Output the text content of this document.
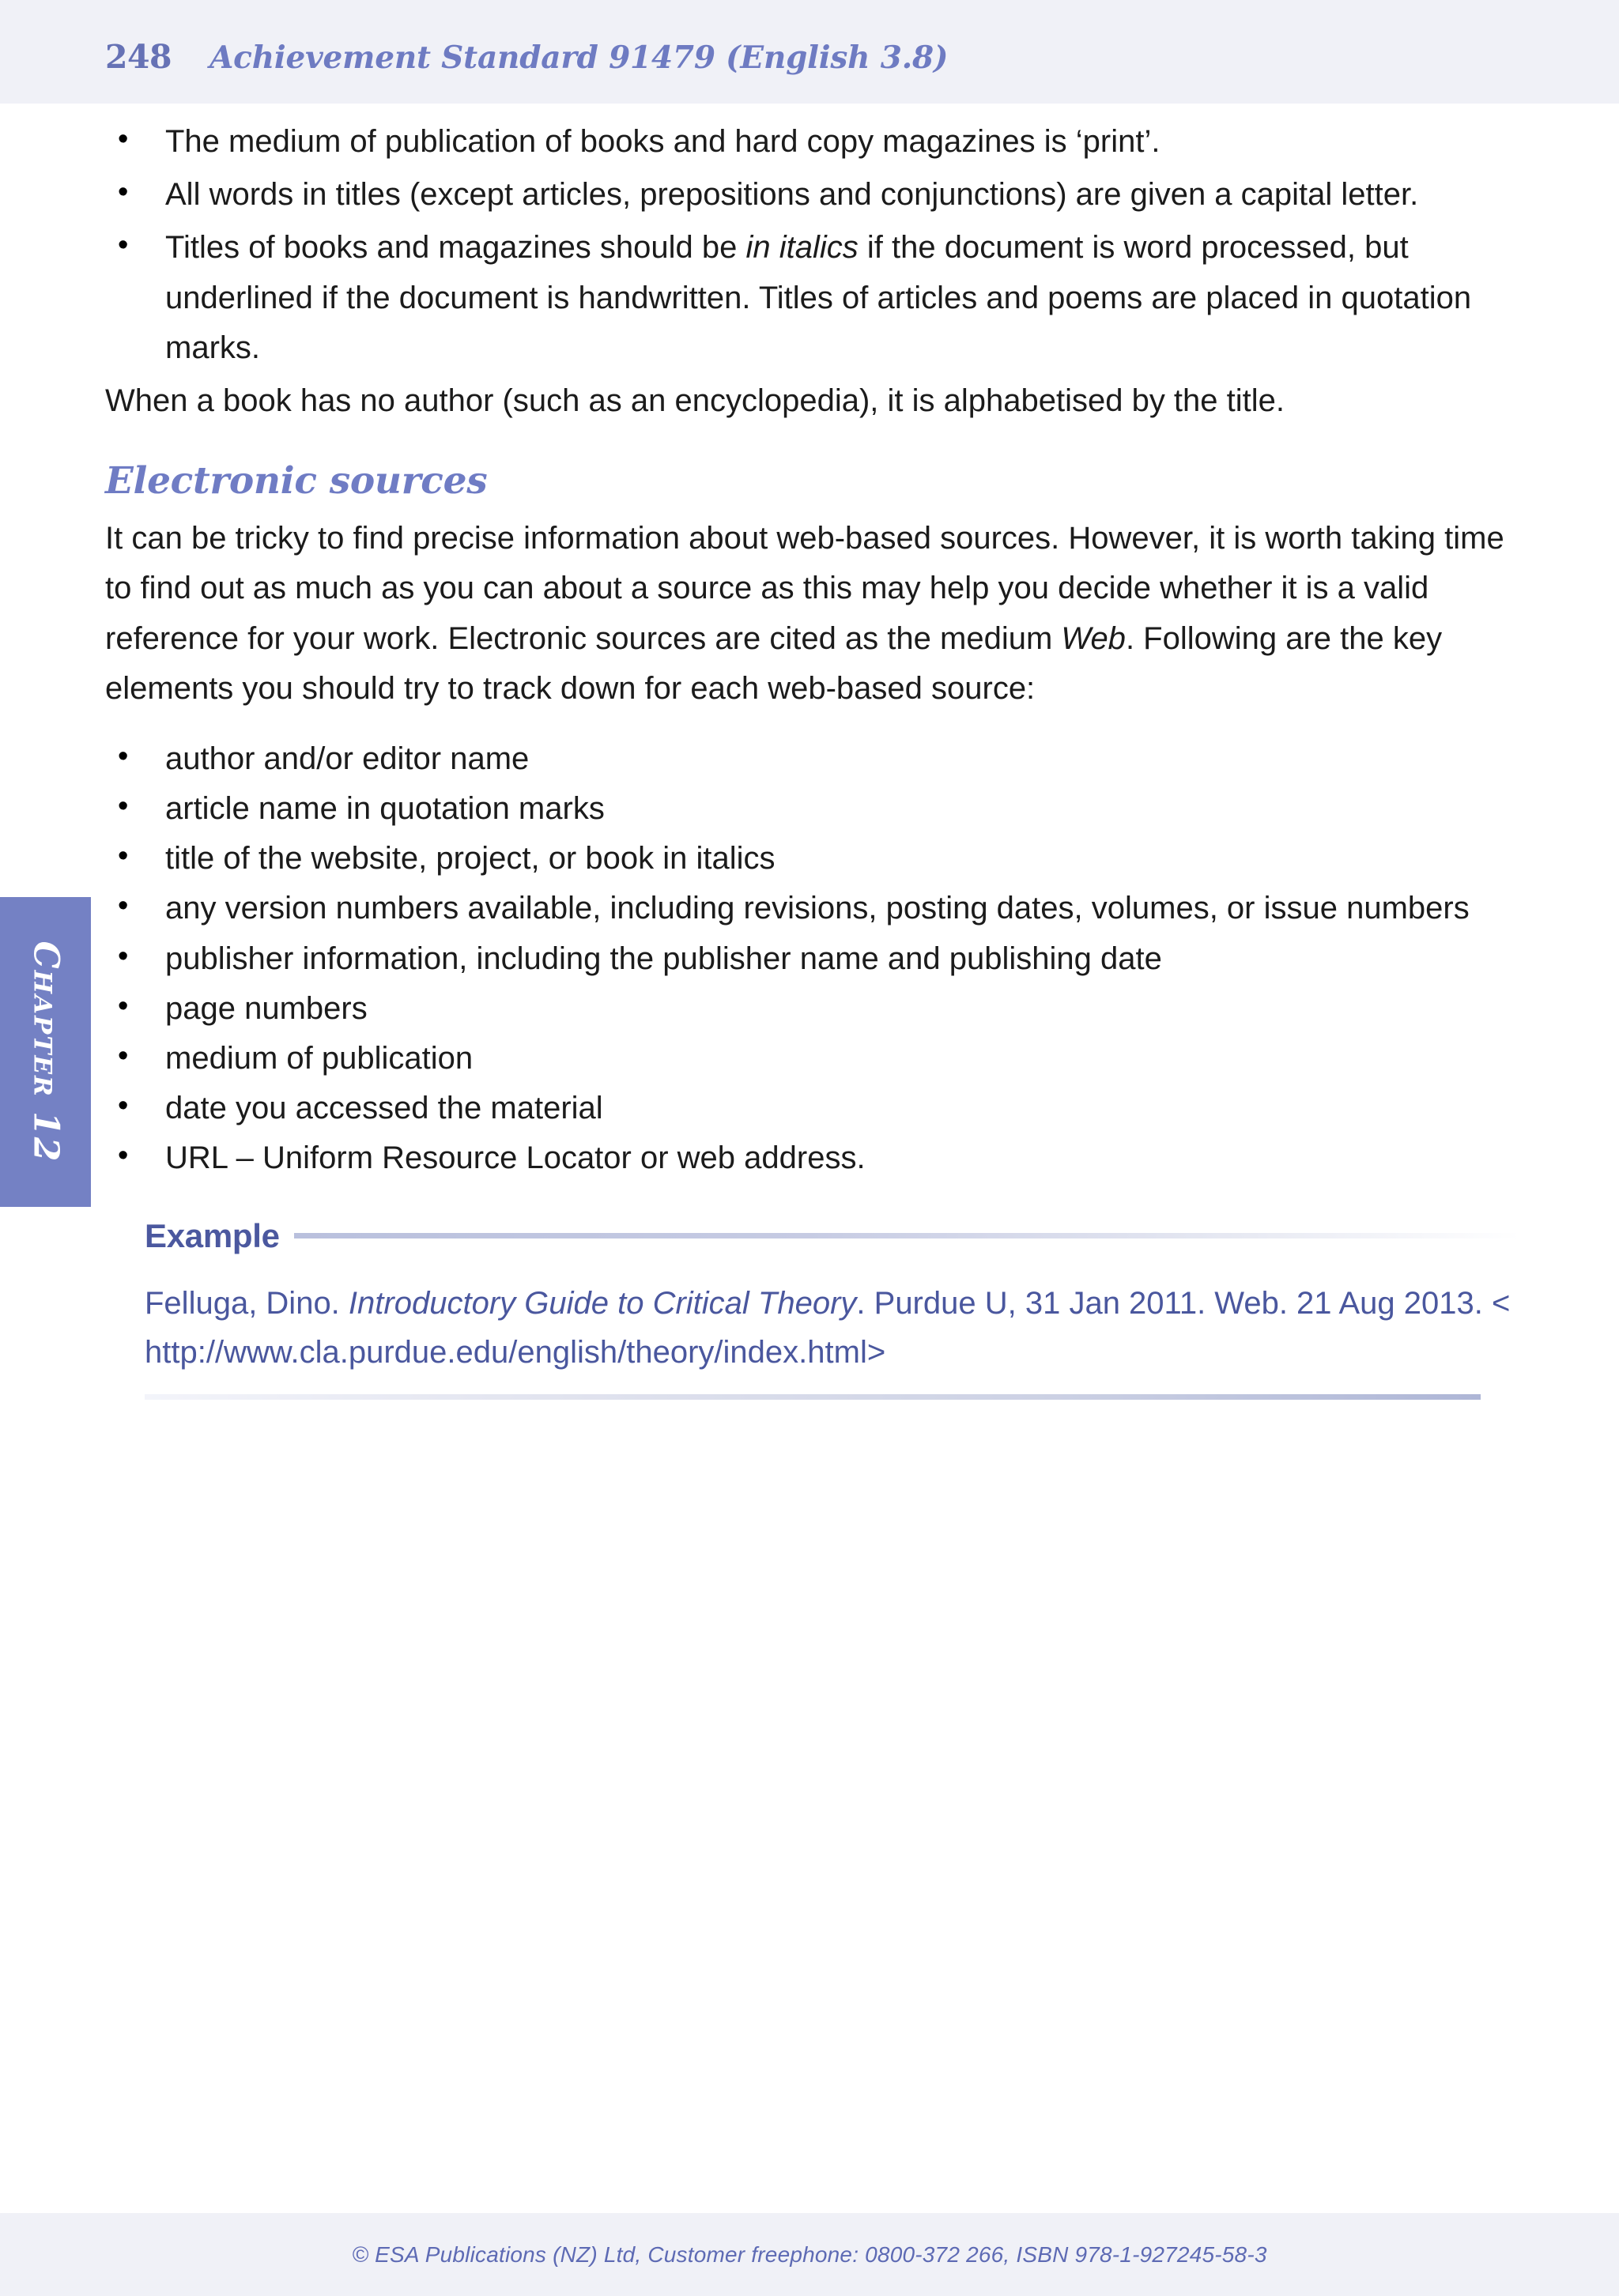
248 Achievement Standard 91479 (English 3.8)
Chapter 12
• The medium of publication of books and hard copy magazines is ‘print’.
• All words in titles (except articles, prepositions and conjunctions) are given a capital letter.
• Titles of books and magazines should be in italics if the document is word processed, but underlined if the document is handwritten. Titles of articles and poems are placed in quotation marks.

When a book has no author (such as an encyclopedia), it is alphabetised by the title.

Electronic sources

It can be tricky to find precise information about web-based sources. However, it is worth taking time to find out as much as you can about a source as this may help you decide whether it is a valid reference for your work. Electronic sources are cited as the medium Web. Following are the key elements you should try to track down for each web-based source:

• author and/or editor name
• article name in quotation marks
• title of the website, project, or book in italics
• any version numbers available, including revisions, posting dates, volumes, or issue numbers
• publisher information, including the publisher name and publishing date
• page numbers
• medium of publication
• date you accessed the material
• URL – Uniform Resource Locator or web address.
Example

Felluga, Dino. Introductory Guide to Critical Theory. Purdue U, 31 Jan 2011. Web. 21 Aug 2013. < http://www.cla.purdue.edu/english/theory/index.html>

© ESA Publications (NZ) Ltd, Customer freephone: 0800-372 266, ISBN 978-1-927245-58-3
